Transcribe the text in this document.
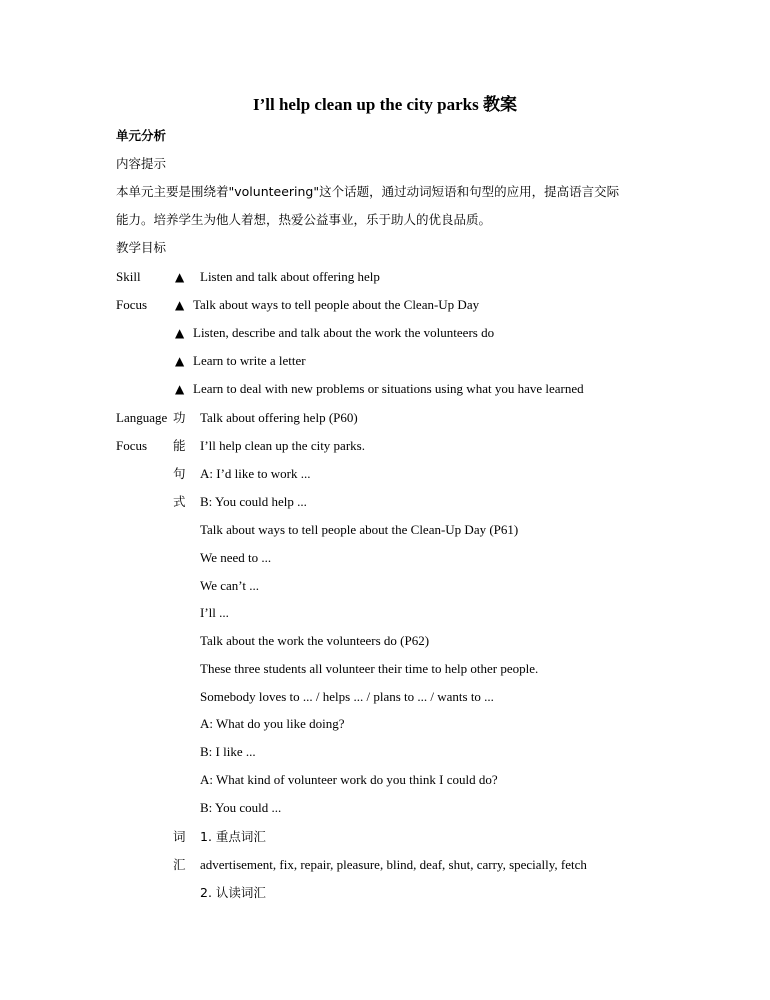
I’ll help clean up the city parks 教案
单元分析
内容提示
本单元主要是围绕着"volunteering"这个话题，通过动词短语和句型的应用，提高语言交际
能力。培养学生为他人着想，热爱公益事业，乐于助人的优良品质。
教学目标
Skill
Focus
▲ Listen and talk about offering help
▲ Talk about ways to tell people about the Clean-Up Day
▲ Listen, describe and talk about the work the volunteers do
▲ Learn to write a letter
▲ Learn to deal with new problems or situations using what you have learned
Language
Focus
功
能
句
式
Talk about offering help (P60)
I’ll help clean up the city parks.
A: I’d like to work ...
B: You could help ...
Talk about ways to tell people about the Clean-Up Day (P61)
We need to ...
We can’t ...
I’ll ...
Talk about the work the volunteers do (P62)
These three students all volunteer their time to help other people.
Somebody loves to ... / helps ... / plans to ... / wants to ...
A: What do you like doing?
B: I like ...
A: What kind of volunteer work do you think I could do?
B: You could ...
词
汇
1. 重点词汇
advertisement, fix, repair, pleasure, blind, deaf, shut, carry, specially, fetch
2. 认读词汇
